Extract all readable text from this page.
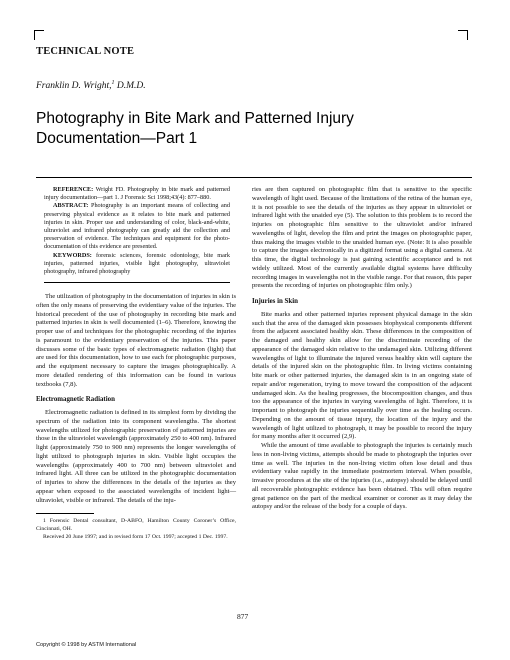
TECHNICAL NOTE
Franklin D. Wright,$^1$ D.M.D.
Photography in Bite Mark and Patterned Injury
Documentation—Part 1

REFERENCE: Wright FD. Photography in bite mark and patterned injury documentation—part 1. J Forensic Sci 1998;43(4): 877–880.

ABSTRACT: Photography is an important means of collecting and preserving physical evidence as it relates to bite mark and patterned injuries in skin. Proper use and understanding of color, black-and-white, ultraviolet and infrared photography can greatly aid the collection and preservation of evidence. The techniques and equipment for the photo-documentation of this evidence are presented.

KEYWORDS: forensic sciences, forensic odontology, bite mark injuries, patterned injuries, visible light photography, ultraviolet photography, infrared photography

The utilization of photography in the documentation of injuries in skin is often the only means of preserving the evidentiary value of the injuries. The historical precedent of the use of photography in recording bite mark and patterned injuries in skin is well documented (1–6). Therefore, knowing the proper use of and techniques for the photographic recording of the injuries is paramount to the evidentiary preservation of the injuries. This paper discusses some of the basic types of electromagnetic radiation (light) that are used for this documentation, how to use each for photographic purposes, and the equipment necessary to capture the images photographically. A more detailed rendering of this information can be found in various textbooks (7,8).

Electromagnetic Radiation

Electromagnetic radiation is defined in its simplest form by dividing the spectrum of the radiation into its component wavelengths. The shortest wavelengths utilized for photographic preservation of patterned injuries are those in the ultraviolet wavelength (approximately 250 to 400 nm). Infrared light (approximately 750 to 900 nm) represents the longer wavelengths of light utilized to photograph injuries in skin. Visible light occupies the wavelengths (approximately 400 to 700 nm) between ultraviolet and infrared light. All three can be utilized in the photographic documentation of injuries to show the differences in the details of the injuries as they appear when exposed to the associated wavelengths of incident light—ultraviolet, visible or infrared. The details of the inju-

1 Forensic Dental consultant, D-ABFO, Hamilton County Coroner’s Office, Cincinnati, OH.

Received 20 June 1997; and in revised form 17 Oct. 1997; accepted 1 Dec. 1997.

ries are then captured on photographic film that is sensitive to the specific wavelength of light used. Because of the limitations of the retina of the human eye, it is not possible to see the details of the injuries as they appear in ultraviolet or infrared light with the unaided eye (5). The solution to this problem is to record the injuries on photographic film sensitive to the ultraviolet and/or infrared wavelengths of light, develop the film and print the images on photographic paper, thus making the images visible to the unaided human eye. (Note: It is also possible to capture the images electronically in a digitized format using a digital camera. At this time, the digital technology is just gaining scientific acceptance and is not widely utilized. Most of the currently available digital systems have difficulty recording images in wavelengths not in the visible range. For that reason, this paper presents the recording of injuries on photographic film only.)

Injuries in Skin

Bite marks and other patterned injuries represent physical damage in the skin such that the area of the damaged skin possesses biophysical components different from the adjacent associated healthy skin. These differences in the composition of the damaged and healthy skin allow for the discriminate recording of the appearance of the damaged skin relative to the undamaged skin. Utilizing different wavelengths of light to illuminate the injured versus healthy skin will capture the details of the injured skin on the photographic film. In living victims containing bite mark or other patterned injuries, the damaged skin is in an ongoing state of repair and/or regeneration, trying to move toward the composition of the adjacent undamaged skin. As the healing progresses, the biocomposition changes, and thus too the appearance of the injuries in varying wavelengths of light. Therefore, it is important to photograph the injuries sequentially over time as the healing occurs. Depending on the amount of tissue injury, the location of the injury and the wavelength of light utilized to photograph, it may be possible to record the injury for many months after it occurred (2,9).

While the amount of time available to photograph the injuries is certainly much less in non-living victims, attempts should be made to photograph the injuries over time as well. The injuries in the non-living victim often lose detail and thus evidentiary value rapidly in the immediate postmortem interval. When possible, invasive procedures at the site of the injuries (i.e., autopsy) should be delayed until all recoverable photographic evidence has been obtained. This will often require great patience on the part of the medical examiner or coroner as it may delay the autopsy and/or the release of the body for a couple of days.

877
Copyright © 1998 by ASTM International
